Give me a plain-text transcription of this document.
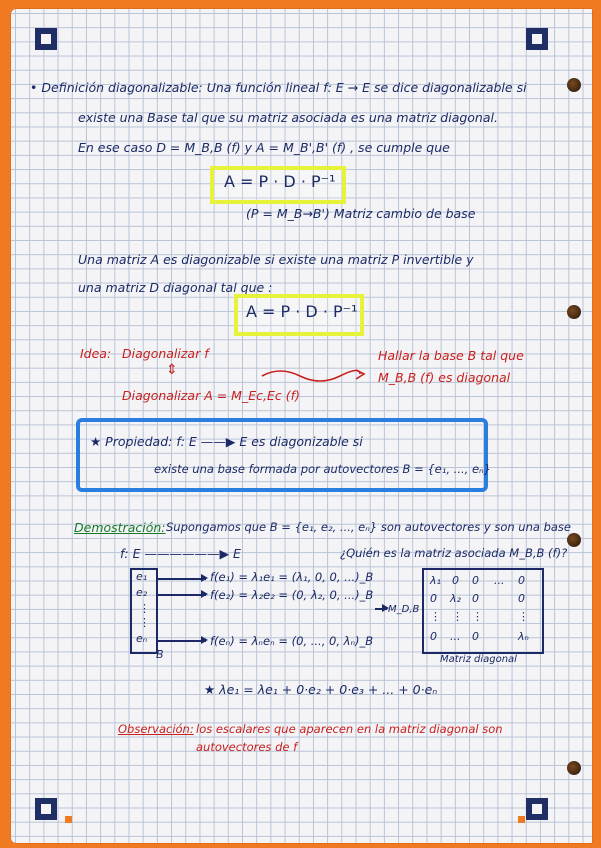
• Definición diagonalizable: Una función lineal f: E → E se dice diagonalizable si
existe una Base tal que su matriz asociada es una matriz diagonal.
En ese caso D = M_B,B (f) y A = M_B',B' (f) , se cumple que
A = P · D · P⁻¹
(P = M_B→B') Matriz cambio de base
Una matriz A es diagonizable si existe una matriz P invertible y
una matriz D diagonal tal que :
A = P · D · P⁻¹
Idea: Diagonalizar f
⇕
Diagonalizar A = M_Ec,Ec (f)
Hallar la base B tal que
M_B,B (f) es diagonal
★ Propiedad: f: E ——▶ E es diagonizable si
existe una base formada por autovectores B = {e₁, ..., eₙ}
Demostración: Supongamos que B = {e₁, e₂, ..., eₙ} son autovectores y son una base
f: E ——————▶ E	¿Quién es la matriz asociada M_B,B (f)?
e₁
e₂
⋮
⋮
eₙ
B
f(e₁) = λ₁e₁ = (λ₁, 0, 0, ...)_B
f(e₂) = λ₂e₂ = (0, λ₂, 0, ...)_B
f(eₙ) = λₙeₙ = (0, ..., 0, λₙ)_B
M_D,B
λ₁ 0 0 ... 0
0 λ₂ 0	0
⋮ ⋮ ⋮	⋮
0 ... 0	λₙ
Matriz diagonal
★ λe₁ = λe₁ + 0·e₂ + 0·e₃ + ... + 0·eₙ
Observación: los escalares que aparecen en la matriz diagonal son
autovectores de f
